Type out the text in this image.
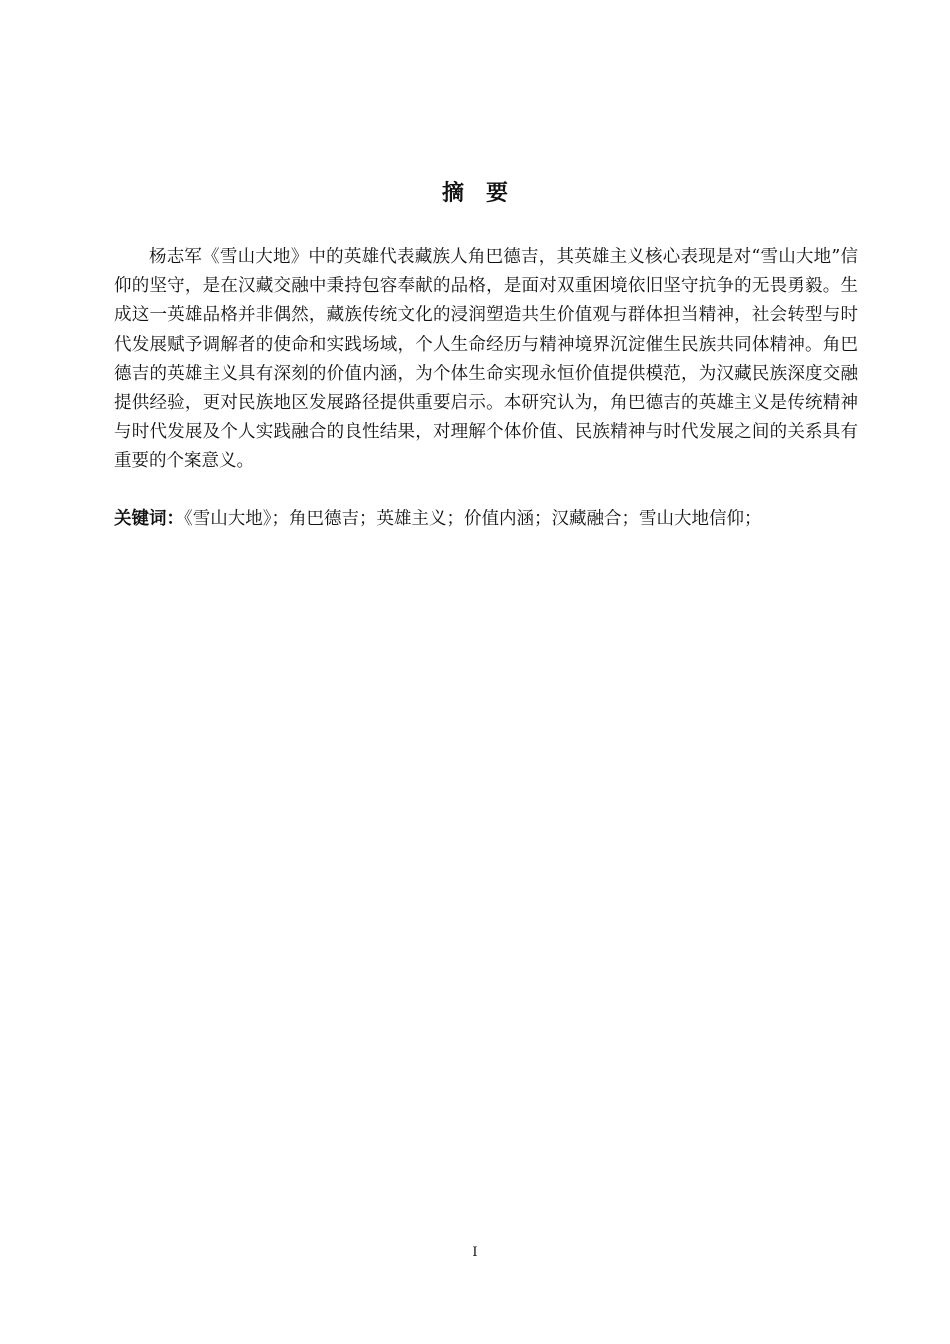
摘要

杨志军《雪山大地》中的英雄代表藏族人角巴德吉，其英雄主义核心表现是对“雪山大地”信仰的坚守，是在汉藏交融中秉持包容奉献的品格，是面对双重困境依旧坚守抗争的无畏勇毅。生成这一英雄品格并非偶然，藏族传统文化的浸润塑造共生价值观与群体担当精神，社会转型与时代发展赋予调解者的使命和实践场域，个人生命经历与精神境界沉淀催生民族共同体精神。角巴德吉的英雄主义具有深刻的价值内涵，为个体生命实现永恒价值提供模范，为汉藏民族深度交融提供经验，更对民族地区发展路径提供重要启示。本研究认为，角巴德吉的英雄主义是传统精神与时代发展及个人实践融合的良性结果，对理解个体价值、民族精神与时代发展之间的关系具有重要的个案意义。

关键词：《雪山大地》；角巴德吉；英雄主义；价值内涵；汉藏融合；雪山大地信仰；

I
